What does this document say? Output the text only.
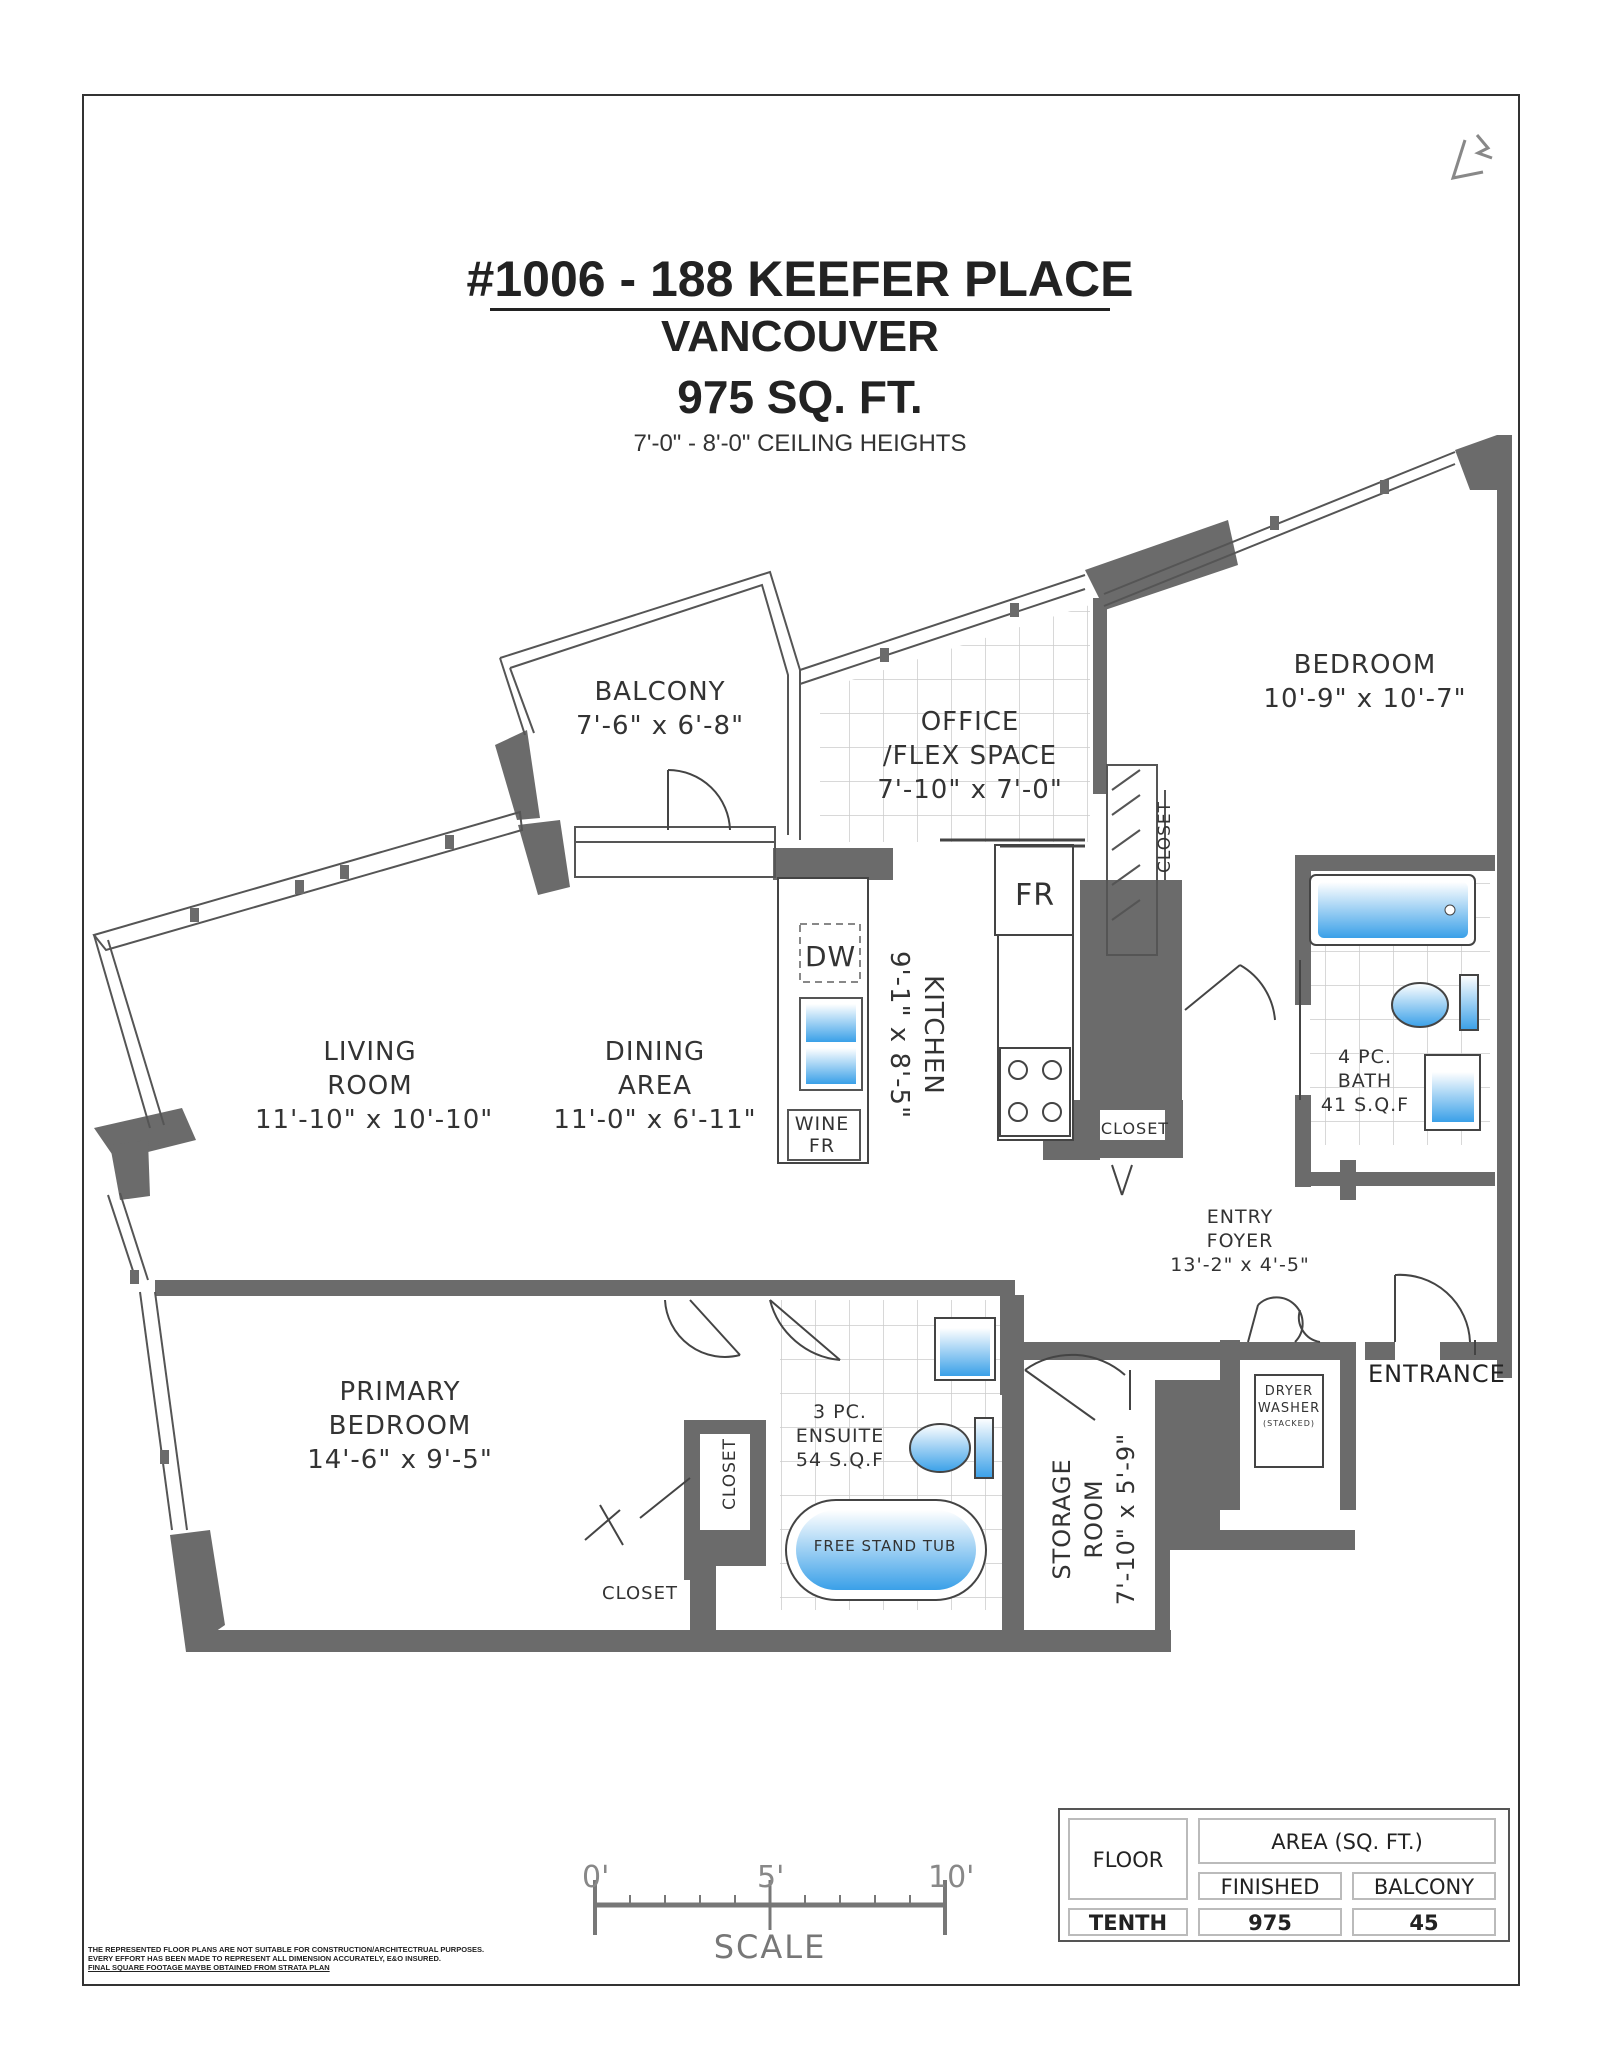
#1006 - 188 KEEFER PLACE
VANCOUVER
975 SQ. FT.
7'-0" - 8'-0" CEILING HEIGHTS
BALCONY
7'-6" x 6'-8"	OFFICE
/FLEX SPACE
7'-10" x 7'-0"
BEDROOM
10'-9" x 10'-7"
LIVING
ROOM
11'-10" x 10'-10"
DINING
AREA
11'-0" x 6'-11"
KITCHEN
9'-1" x 8'-5"	4 PC.
BATH
41 S.Q.F
ENTRY
FOYER
13'-2" x 4'-5"
PRIMARY
BEDROOM
14'-6" x 9'-5"
3 PC.
ENSUITE
54 S.Q.F	STORAGE ROOM 7'-10" x 5'-9"
FR
DW
WINE
FR
CLOSET
CLOSET
CLOSET
CLOSET
FREE STAND TUB
DRYER
WASHER
(STACKED)
ENTRANCE
0'	5'	10'
SCALE
FLOOR
AREA (SQ. FT.)
FINISHED	BALCONY
TENTH	975	45
THE REPRESENTED FLOOR PLANS ARE NOT SUITABLE FOR CONSTRUCTION/ARCHITECTRUAL PURPOSES.
EVERY EFFORT HAS BEEN MADE TO REPRESENT ALL DIMENSION ACCURATELY, E&O INSURED.
FINAL SQUARE FOOTAGE MAYBE OBTAINED FROM STRATA PLAN
